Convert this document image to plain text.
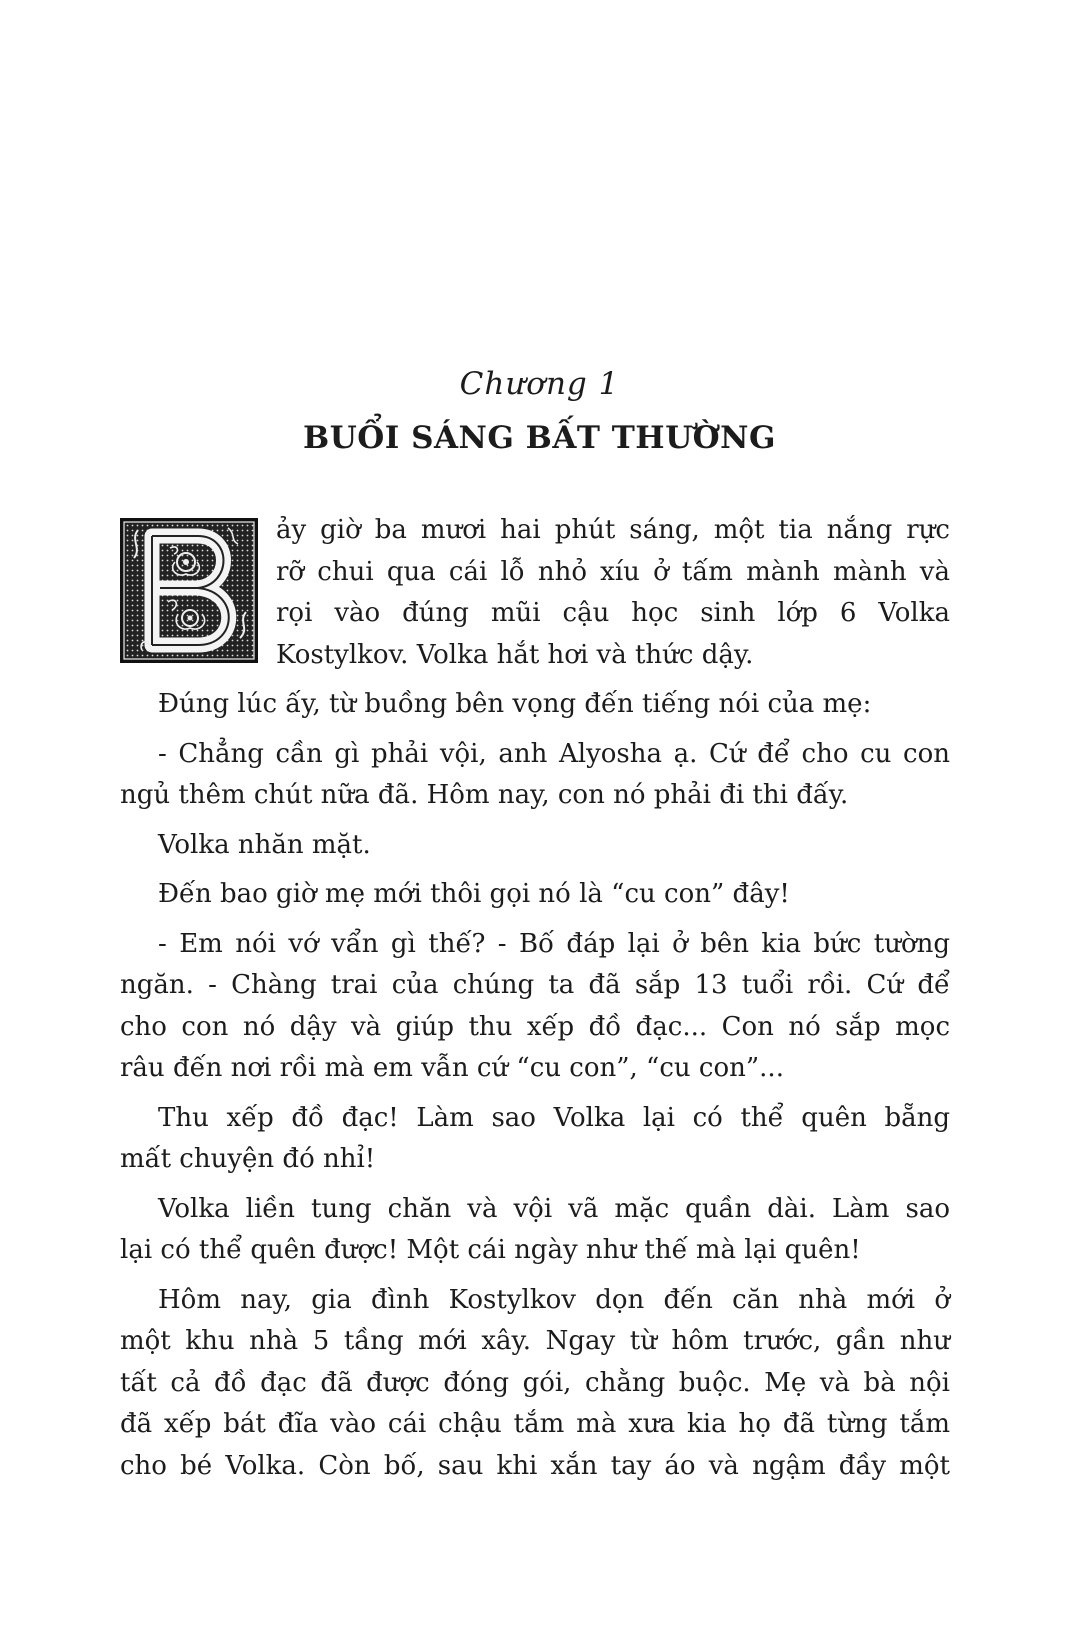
Chương 1
BUỔI SÁNG BẤT THƯỜNG
ảy giờ ba mươi hai phút sáng, một tia nắng rực
rỡ chui qua cái lỗ nhỏ xíu ở tấm mành mành và
rọi vào đúng mũi cậu học sinh lớp 6 Volka
Kostylkov. Volka hắt hơi và thức dậy.
Đúng lúc ấy, từ buồng bên vọng đến tiếng nói của mẹ:
- Chẳng cần gì phải vội, anh Alyosha ạ. Cứ để cho cu con
ngủ thêm chút nữa đã. Hôm nay, con nó phải đi thi đấy.
Volka nhăn mặt.
Đến bao giờ mẹ mới thôi gọi nó là “cu con” đây!
- Em nói vớ vẩn gì thế? - Bố đáp lại ở bên kia bức tường
ngăn. - Chàng trai của chúng ta đã sắp 13 tuổi rồi. Cứ để
cho con nó dậy và giúp thu xếp đồ đạc... Con nó sắp mọc
râu đến nơi rồi mà em vẫn cứ “cu con”, “cu con”...
Thu xếp đồ đạc! Làm sao Volka lại có thể quên bẵng
mất chuyện đó nhỉ!
Volka liền tung chăn và vội vã mặc quần dài. Làm sao
lại có thể quên được! Một cái ngày như thế mà lại quên!
Hôm nay, gia đình Kostylkov dọn đến căn nhà mới ở
một khu nhà 5 tầng mới xây. Ngay từ hôm trước, gần như
tất cả đồ đạc đã được đóng gói, chằng buộc. Mẹ và bà nội
đã xếp bát đĩa vào cái chậu tắm mà xưa kia họ đã từng tắm
cho bé Volka. Còn bố, sau khi xắn tay áo và ngậm đầy một
